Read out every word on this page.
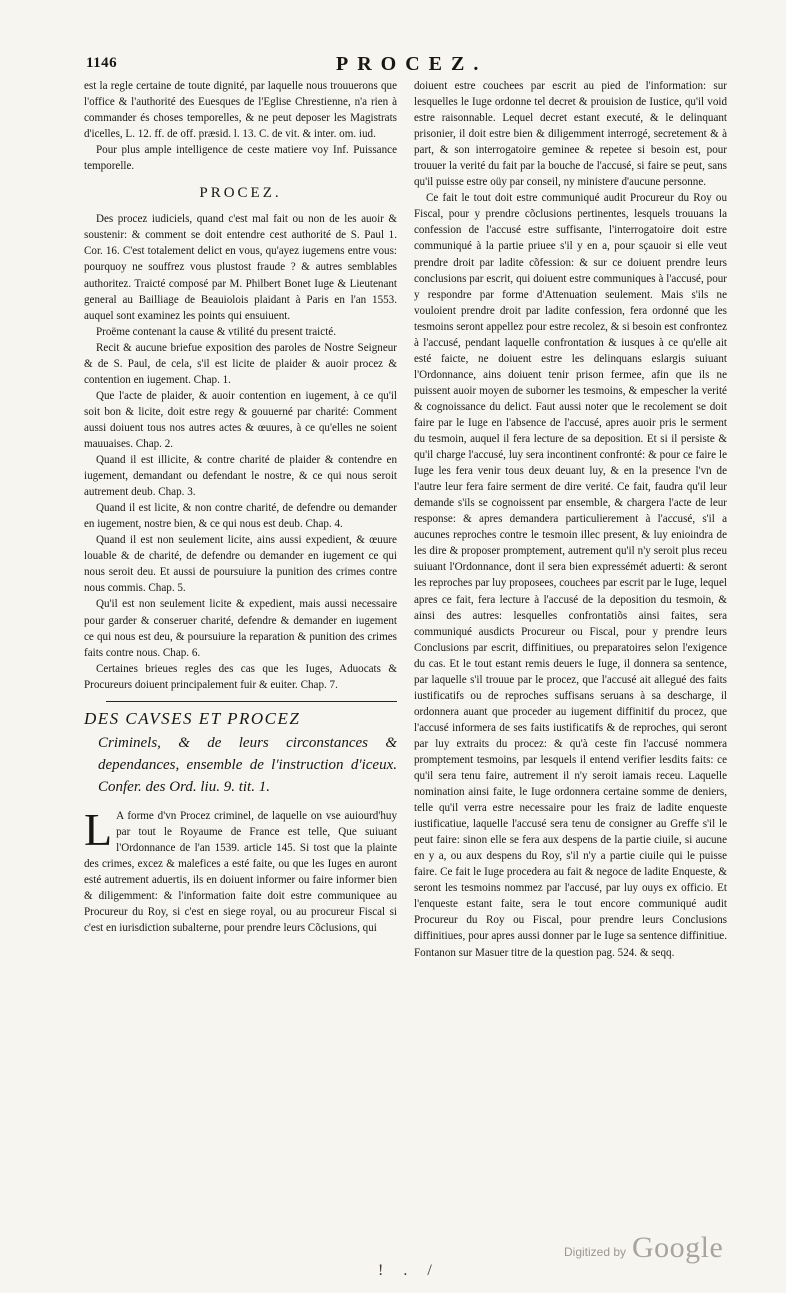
1146	PROCEZ.

est la regle certaine de toute dignité, par laquelle nous trouuerons que l'office & l'authorité des Euesques de l'Eglise Chrestienne, n'a rien à commander és choses temporelles, & ne peut deposer les Magistrats d'icelles, L. 12. ff. de off. præsid. l. 13. C. de vit. & inter. om. iud.

Pour plus ample intelligence de ceste matiere voy Inf. Puissance temporelle.

PROCEZ.

Des procez iudiciels, quand c'est mal fait ou non de les auoir & soustenir: & comment se doit entendre cest authorité de S. Paul 1. Cor. 16. C'est totalement delict en vous, qu'ayez iugemens entre vous: pourquoy ne souffrez vous plustost fraude ? & autres semblables authoritez. Traicté composé par M. Philbert Bonet Iuge & Lieutenant general au Bailliage de Beauiolois plaidant à Paris en l'an 1553. auquel sont examinez les points qui ensuiuent.

Proëme contenant la cause & vtilité du present traicté.

Recit & aucune briefue exposition des paroles de Nostre Seigneur & de S. Paul, de cela, s'il est licite de plaider & auoir procez & contention en iugement. Chap. 1.

Que l'acte de plaider, & auoir contention en iugement, à ce qu'il soit bon & licite, doit estre regy & gouuerné par charité: Comment aussi doiuent tous nos autres actes & œuures, à ce qu'elles ne soient mauuaises. Chap. 2.

Quand il est illicite, & contre charité de plaider & contendre en iugement, demandant ou defendant le nostre, & ce qui nous seroit autrement deub. Chap. 3.

Quand il est licite, & non contre charité, de defendre ou demander en iugement, nostre bien, & ce qui nous est deub. Chap. 4.

Quand il est non seulement licite, ains aussi expedient, & œuure louable & de charité, de defendre ou demander en iugement ce qui nous seroit deu. Et aussi de poursuiure la punition des crimes contre nous commis. Chap. 5.

Qu'il est non seulement licite & expedient, mais aussi necessaire pour garder & conseruer charité, defendre & demander en iugement ce qui nous est deu, & poursuiure la reparation & punition des crimes faits contre nous. Chap. 6.

Certaines brieues regles des cas que les Iuges, Aduocats & Procureurs doiuent principalement fuir & euiter. Chap. 7.

DES CAVSES ET PROCEZ
Criminels, & de leurs circonstances & dependances, ensemble de l'instruction d'iceux. Confer. des Ord. liu. 9. tit. 1.

L A forme d'vn Procez criminel, de laquelle on vse auiourd'huy par tout le Royaume de France est telle, Que suiuant l'Ordonnance de l'an 1539. article 145. Si tost que la plainte des crimes, excez & malefices a esté faite, ou que les Iuges en auront esté autrement aduertis, ils en doiuent informer ou faire informer bien & diligemment: & l'information faite doit estre communiquee au Procureur du Roy, si c'est en siege royal, ou au procureur Fiscal si c'est en iurisdiction subalterne, pour prendre leurs Cõclusions, qui

doiuent estre couchees par escrit au pied de l'information: sur lesquelles le Iuge ordonne tel decret & prouision de Iustice, qu'il void estre raisonnable. Lequel decret estant executé, & le delinquant prisonier, il doit estre bien & diligemment interrogé, secretement & à part, & son interrogatoire geminee & repetee si besoin est, pour trouuer la verité du fait par la bouche de l'accusé, si faire se peut, sans qu'il puisse estre oüy par conseil, ny ministere d'aucune personne.

Ce fait le tout doit estre communiqué audit Procureur du Roy ou Fiscal, pour y prendre cõclusions pertinentes, lesquels trouuans la confession de l'accusé estre suffisante, l'interrogatoire doit estre communiqué à la partie priuee s'il y en a, pour sçauoir si elle veut prendre droit par ladite cõfession: & sur ce doiuent prendre leurs conclusions par escrit, qui doiuent estre communiques à l'accusé, pour y respondre par forme d'Attenuation seulement. Mais s'ils ne vouloient prendre droit par ladite confession, fera ordonné que les tesmoins seront appellez pour estre recolez, & si besoin est confrontez à l'accusé, pendant laquelle confrontation & iusques à ce qu'elle ait esté faicte, ne doiuent estre les delinquans eslargis suiuant l'Ordonnance, ains doiuent tenir prison fermee, afin que ils ne puissent auoir moyen de suborner les tesmoins, & empescher la verité & cognoissance du delict. Faut aussi noter que le recolement se doit faire par le Iuge en l'absence de l'accusé, apres auoir pris le serment du tesmoin, auquel il fera lecture de sa deposition. Et si il persiste & qu'il charge l'accusé, luy sera incontinent confronté: & pour ce faire le Iuge les fera venir tous deux deuant luy, & en la presence l'vn de l'autre leur fera faire serment de dire verité. Ce fait, faudra qu'il leur demande s'ils se cognoissent par ensemble, & chargera l'acte de leur response: & apres demandera particulierement à l'accusé, s'il a aucunes reproches contre le tesmoin illec present, & luy enioindra de les dire & proposer promptement, autrement qu'il n'y seroit plus receu suiuant l'Ordonnance, dont il sera bien expressémét aduerti: & seront les reproches par luy proposees, couchees par escrit par le Iuge, lequel apres ce fait, fera lecture à l'accusé de la deposition du tesmoin, & ainsi des autres: lesquelles confrontatiõs ainsi faites, sera communiqué ausdicts Procureur ou Fiscal, pour y prendre leurs Conclusions par escrit, diffinitiues, ou preparatoires selon l'exigence du cas. Et le tout estant remis deuers le Iuge, il donnera sa sentence, par laquelle s'il trouue par le procez, que l'accusé ait allegué des faits iustificatifs ou de reproches suffisans seruans à sa descharge, il ordonnera auant que proceder au iugement diffinitif du procez, que l'accusé informera de ses faits iustificatifs & de reproches, qui seront par luy extraits du procez: & qu'à ceste fin l'accusé nommera promptement tesmoins, par lesquels il entend verifier lesdits faits: ce qu'il sera tenu faire, autrement il n'y seroit iamais receu. Laquelle nomination ainsi faite, le Iuge ordonnera certaine somme de deniers, telle qu'il verra estre necessaire pour les fraiz de ladite enqueste iustificatiue, laquelle l'accusé sera tenu de consigner au Greffe s'il le peut faire: sinon elle se fera aux despens de la partie ciuile, si aucune en y a, ou aux despens du Roy, s'il n'y a partie ciuile qui le puisse faire. Ce fait le Iuge procedera au fait & negoce de ladite Enqueste, & seront les tesmoins nommez par l'accusé, par luy ouys ex officio. Et l'enqueste estant faite, sera le tout encore communiqué audit Procureur du Roy ou Fiscal, pour prendre leurs Conclusions diffinitiues, pour apres aussi donner par le Iuge sa sentence diffinitiue. Fontanon sur Masuer titre de la question pag. 524. & seqq.

! . /
Digitized by Google
